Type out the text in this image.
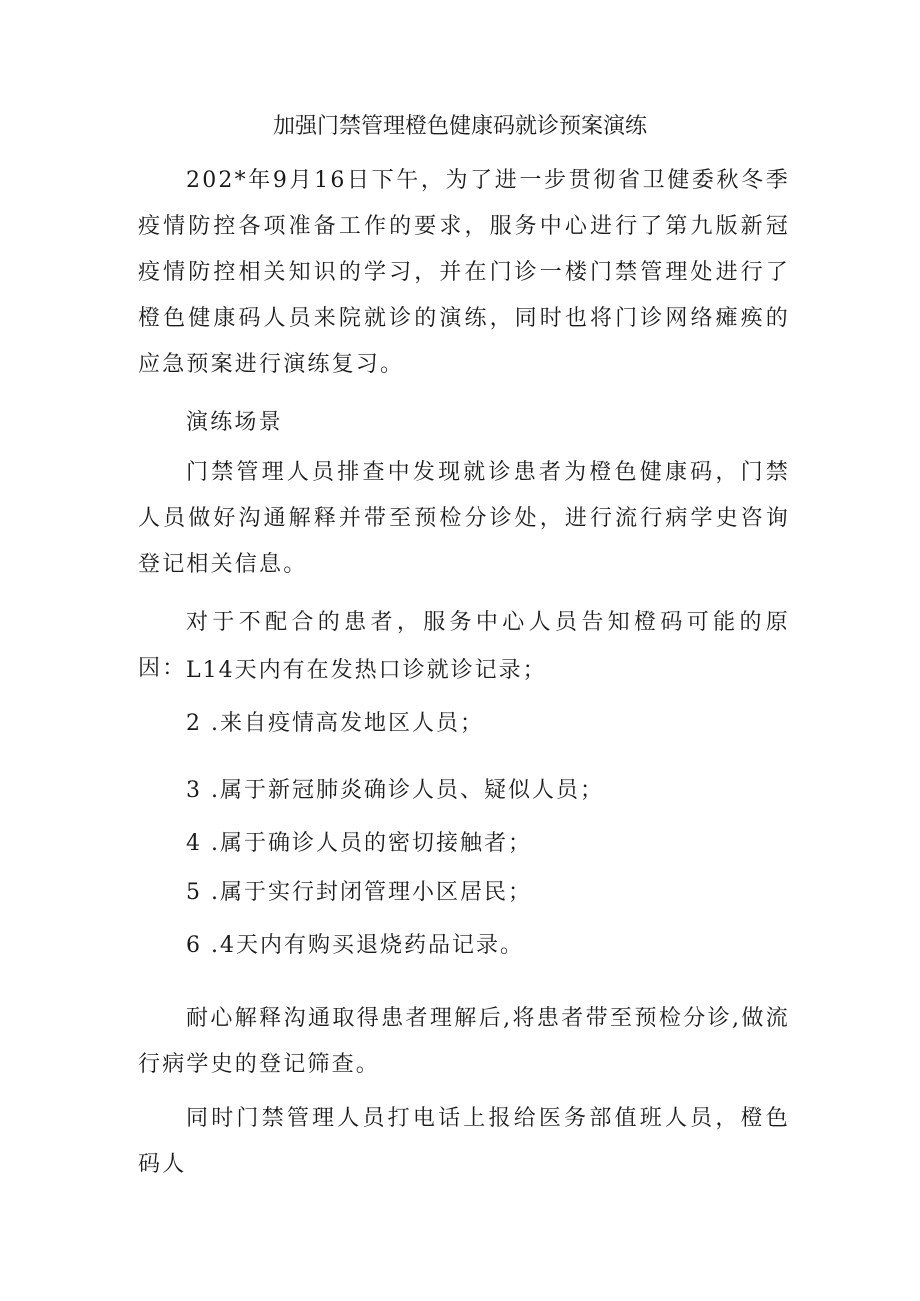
加强门禁管理橙色健康码就诊预案演练

202*年9月16日下午，为了进一步贯彻省卫健委秋冬季疫情防控各项准备工作的要求，服务中心进行了第九版新冠疫情防控相关知识的学习，并在门诊一楼门禁管理处进行了橙色健康码人员来院就诊的演练，同时也将门诊网络瘫痪的应急预案进行演练复习。

演练场景

门禁管理人员排查中发现就诊患者为橙色健康码，门禁人员做好沟通解释并带至预检分诊处，进行流行病学史咨询登记相关信息。

对于不配合的患者，服务中心人员告知橙码可能的原因： L14天内有在发热口诊就诊记录；

2 .来自疫情高发地区人员；

3 .属于新冠肺炎确诊人员、疑似人员；

4 .属于确诊人员的密切接触者；

5 .属于实行封闭管理小区居民；

6 .4天内有购买退烧药品记录。

耐心解释沟通取得患者理解后,将患者带至预检分诊,做流行病学史的登记筛查。

同时门禁管理人员打电话上报给医务部值班人员，橙色码人
